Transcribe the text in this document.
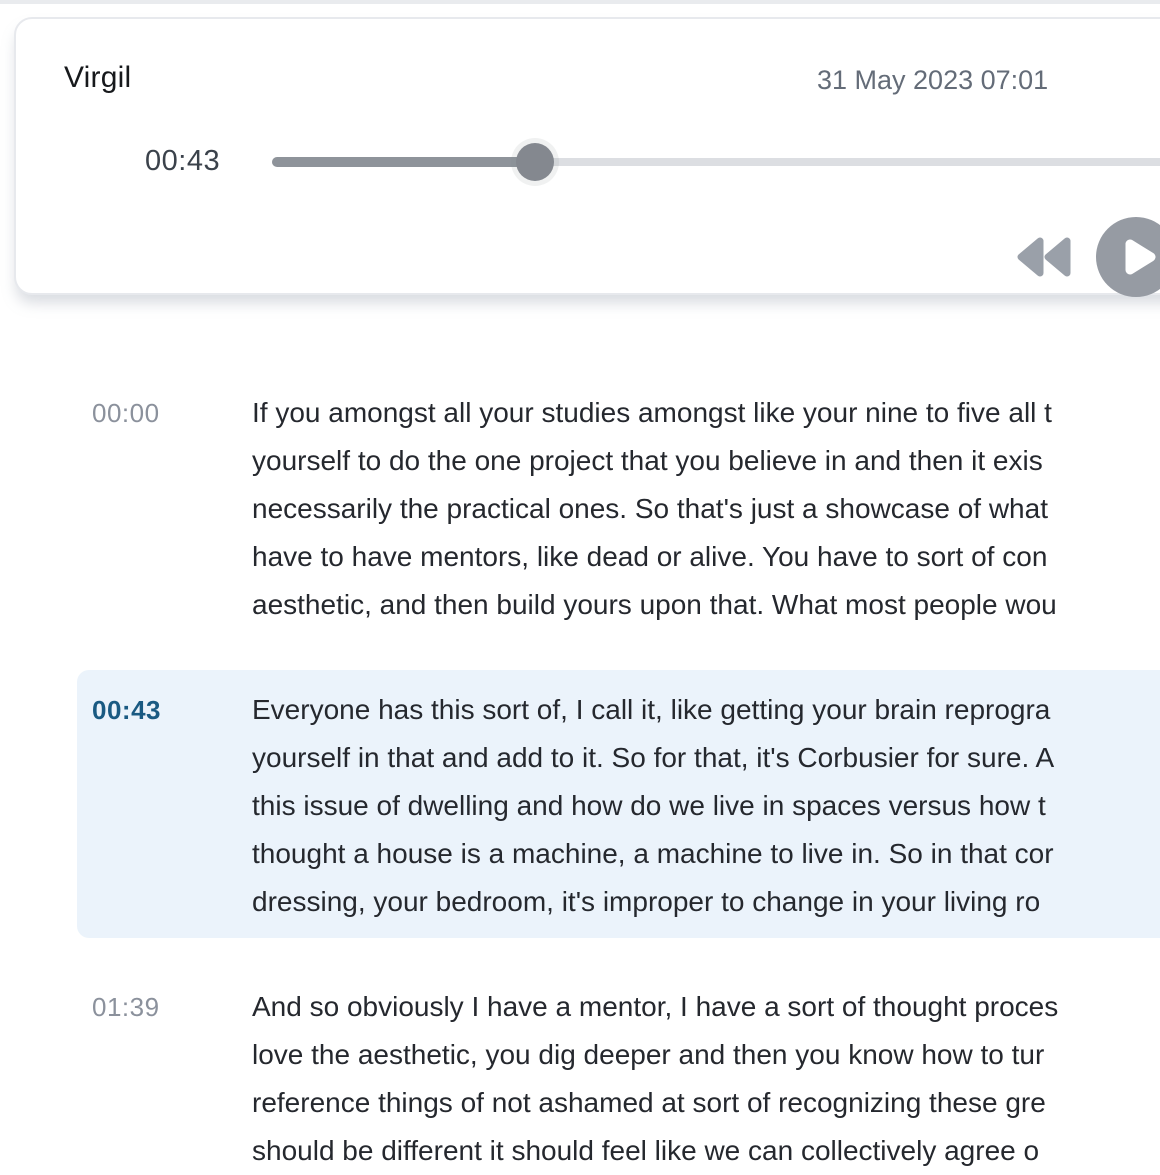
Virgil	31 May 2023 07:01
00:43
00:00	If you amongst all your studies amongst like your nine to five all t
yourself to do the one project that you believe in and then it exis
necessarily the practical ones. So that's just a showcase of what
have to have mentors, like dead or alive. You have to sort of con
aesthetic, and then build yours upon that. What most people wou
00:43	Everyone has this sort of, I call it, like getting your brain reprogra
yourself in that and add to it. So for that, it's Corbusier for sure. A
this issue of dwelling and how do we live in spaces versus how t
thought a house is a machine, a machine to live in. So in that cor
dressing, your bedroom, it's improper to change in your living ro
01:39	And so obviously I have a mentor, I have a sort of thought proces
love the aesthetic, you dig deeper and then you know how to tur
reference things of not ashamed at sort of recognizing these gre
should be different it should feel like we can collectively agree o
